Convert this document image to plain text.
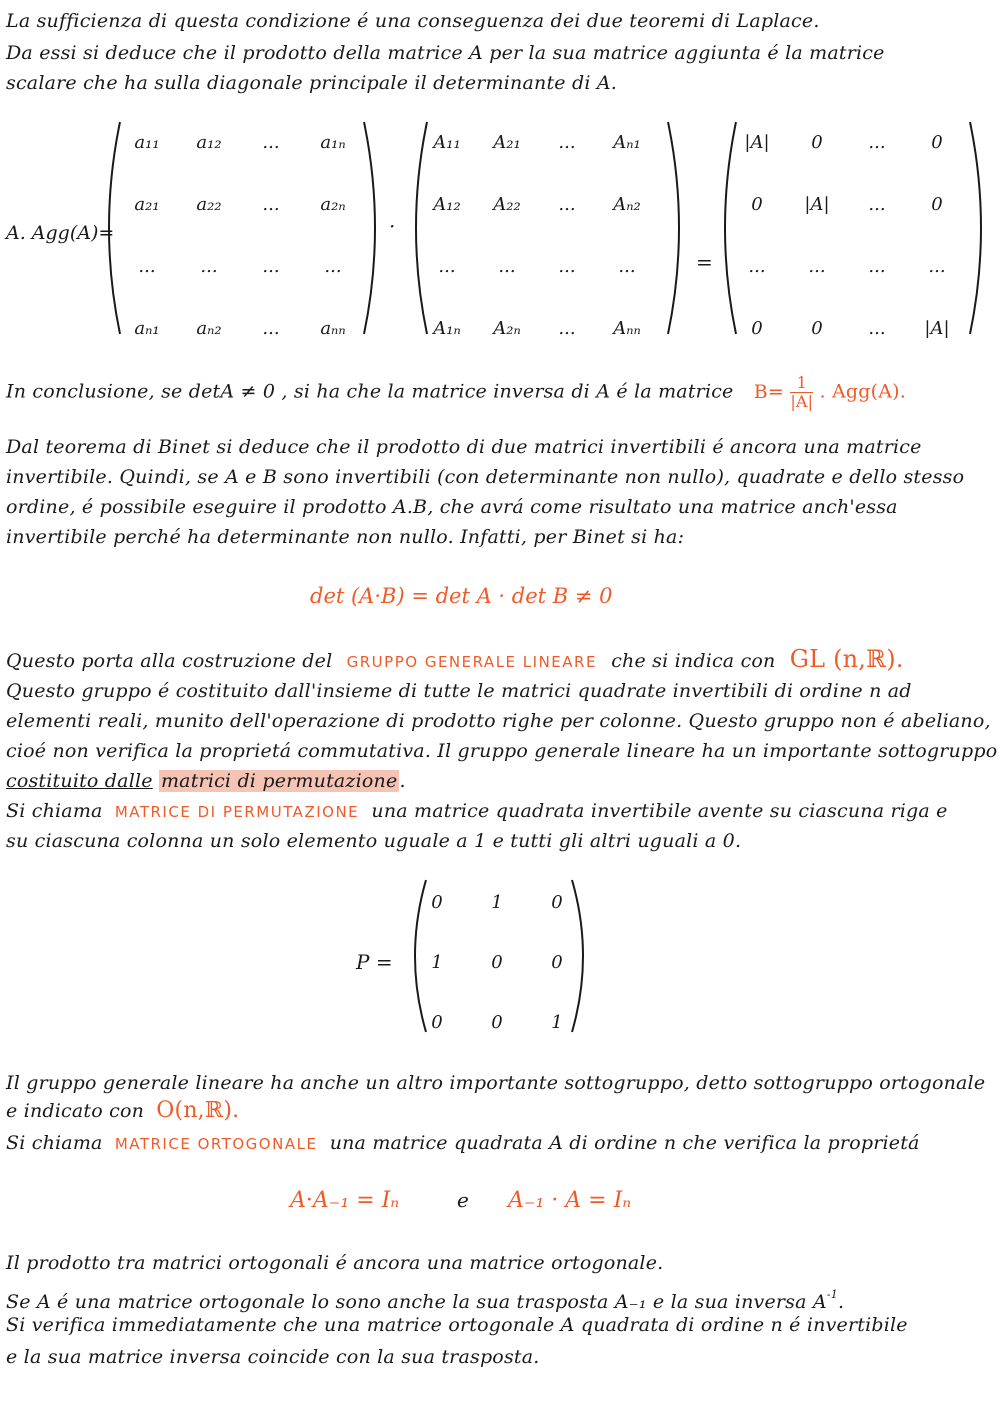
La sufficienza di questa condizione é una conseguenza dei due teoremi di Laplace.
Da essi si deduce che il prodotto della matrice A per la sua matrice aggiunta é la matrice
scalare che ha sulla diagonale principale il determinante di A.
A. Agg(A)=
a₁₁	a₁₂	...	a₁ₙ
a₂₁	a₂₂	...	a₂ₙ
...	...	...	...
aₙ₁	aₙ₂	...	aₙₙ
·
A₁₁	A₂₁	...	Aₙ₁
A₁₂	A₂₂	...	Aₙ₂
...	...	...	...
A₁ₙ	A₂ₙ	...	Aₙₙ
=
|A|	0	...	0
0	|A|	...	0
...	...	...	...
0	0	...	|A|
In conclusione, se detA ≠ 0 , si ha che la matrice inversa di A é la matrice $B= \frac{1}{|A|}$ . Agg(A).
Dal teorema di Binet si deduce che il prodotto di due matrici invertibili é ancora una matrice
invertibile. Quindi, se A e B sono invertibili (con determinante non nullo), quadrate e dello stesso
ordine, é possibile eseguire il prodotto A.B, che avrá come risultato una matrice anch'essa
invertibile perché ha determinante non nullo. Infatti, per Binet si ha:
det (A·B) = det A · det B ≠ 0
Questo porta alla costruzione del GRUPPO GENERALE LINEARE che si indica con GL (n,ℝ).
Questo gruppo é costituito dall'insieme di tutte le matrici quadrate invertibili di ordine n ad
elementi reali, munito dell'operazione di prodotto righe per colonne. Questo gruppo non é abeliano,
cioé non verifica la proprietá commutativa. Il gruppo generale lineare ha un importante sottogruppo
costituito dalle matrici di permutazione .
Si chiama MATRICE DI PERMUTAZIONE una matrice quadrata invertibile avente su ciascuna riga e
su ciascuna colonna un solo elemento uguale a 1 e tutti gli altri uguali a 0.
P =
0	1	0
1	0	0
0	0	1
Il gruppo generale lineare ha anche un altro importante sottogruppo, detto sottogruppo ortogonale
e indicato con O(n,ℝ).
Si chiama MATRICE ORTOGONALE una matrice quadrata A di ordine n che verifica la proprietá
A·A₋₁ = Iₙ	e A₋₁ · A = Iₙ
Il prodotto tra matrici ortogonali é ancora una matrice ortogonale.
Se A é una matrice ortogonale lo sono anche la sua trasposta A₋₁ e la sua inversa $A^{-1}$.
Si verifica immediatamente che una matrice ortogonale A quadrata di ordine n é invertibile
e la sua matrice inversa coincide con la sua trasposta.
